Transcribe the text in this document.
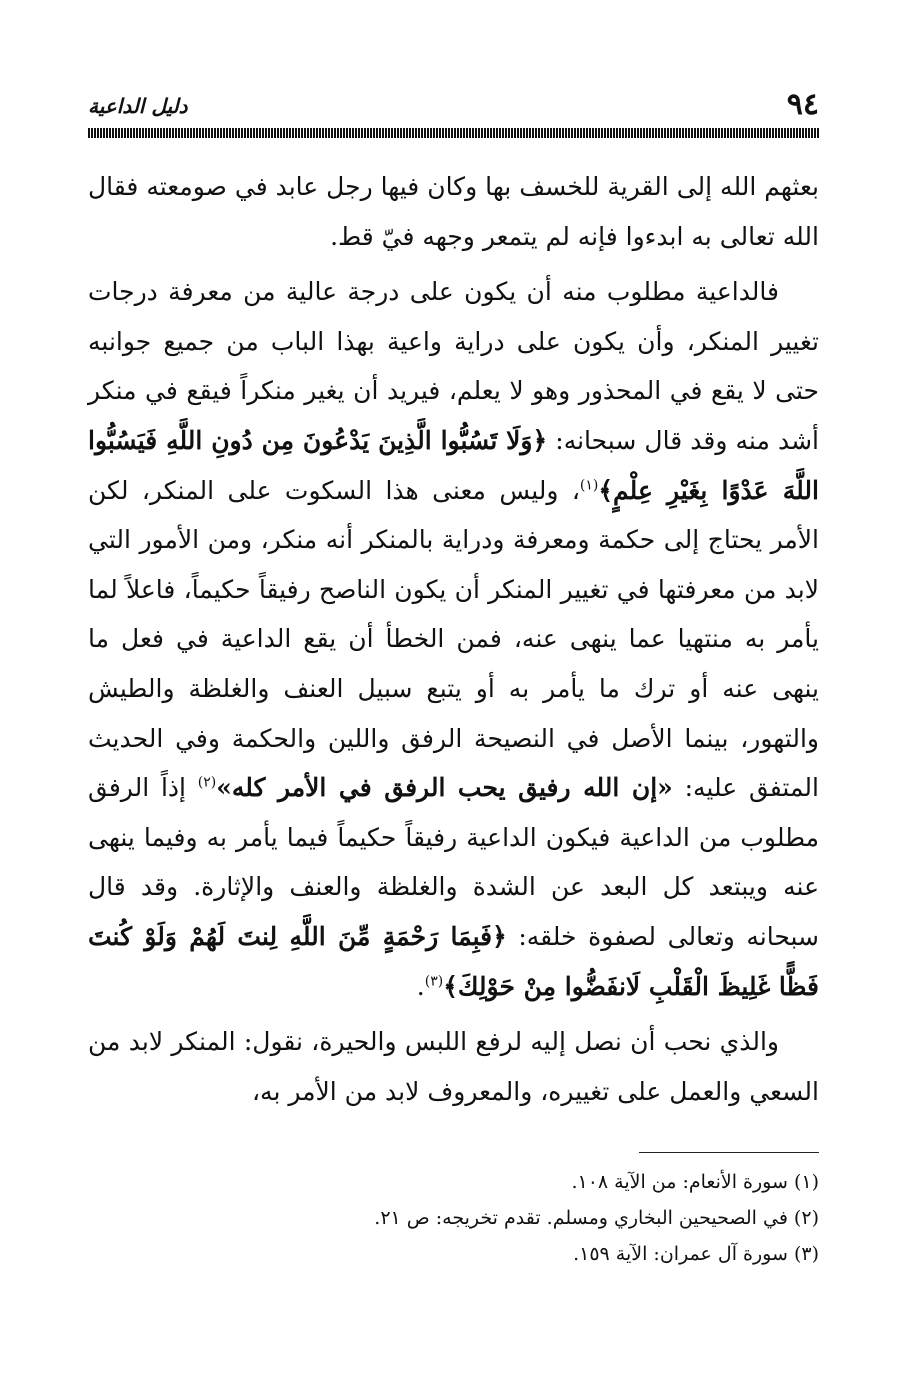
٩٤
دليل الداعية

بعثهم الله إلى القرية للخسف بها وكان فيها رجل عابد في صومعته فقال الله تعالى به ابدءوا فإنه لم يتمعر وجهه فيّ قط.

فالداعية مطلوب منه أن يكون على درجة عالية من معرفة درجات تغيير المنكر، وأن يكون على دراية واعية بهذا الباب من جميع جوانبه حتى لا يقع في المحذور وهو لا يعلم، فيريد أن يغير منكراً فيقع في منكر أشد منه وقد قال سبحانه: ﴿وَلَا تَسُبُّوا الَّذِينَ يَدْعُونَ مِن دُونِ اللَّهِ فَيَسُبُّوا اللَّهَ عَدْوًا بِغَيْرِ عِلْمٍ﴾$^{(١)}$، وليس معنى هذا السكوت على المنكر، لكن الأمر يحتاج إلى حكمة ومعرفة ودراية بالمنكر أنه منكر، ومن الأمور التي لابد من معرفتها في تغيير المنكر أن يكون الناصح رفيقاً حكيماً، فاعلاً لما يأمر به منتهيا عما ينهى عنه، فمن الخطأ أن يقع الداعية في فعل ما ينهى عنه أو ترك ما يأمر به أو يتبع سبيل العنف والغلظة والطيش والتهور، بينما الأصل في النصيحة الرفق واللين والحكمة وفي الحديث المتفق عليه: «إن الله رفيق يحب الرفق في الأمر كله»$^{(٢)}$ إذاً الرفق مطلوب من الداعية فيكون الداعية رفيقاً حكيماً فيما يأمر به وفيما ينهى عنه ويبتعد كل البعد عن الشدة والغلظة والعنف والإثارة. وقد قال سبحانه وتعالى لصفوة خلقه: ﴿فَبِمَا رَحْمَةٍ مِّنَ اللَّهِ لِنتَ لَهُمْ وَلَوْ كُنتَ فَظًّا غَلِيظَ الْقَلْبِ لَانفَضُّوا مِنْ حَوْلِكَ﴾$^{(٣)}$.

والذي نحب أن نصل إليه لرفع اللبس والحيرة، نقول: المنكر لابد من السعي والعمل على تغييره، والمعروف لابد من الأمر به،

(١) سورة الأنعام: من الآية ١٠٨.
(٢) في الصحيحين البخاري ومسلم. تقدم تخريجه: ص ٢١.
(٣) سورة آل عمران: الآية ١٥٩.
